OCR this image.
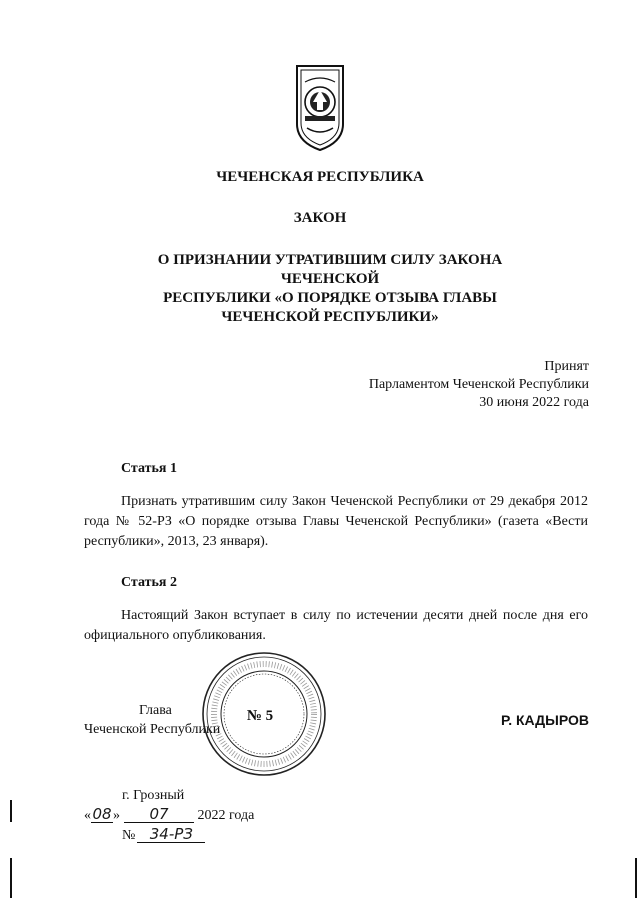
ЧЕЧЕНСКАЯ РЕСПУБЛИКА
ЗАКОН
О ПРИЗНАНИИ УТРАТИВШИМ СИЛУ ЗАКОНА ЧЕЧЕНСКОЙ
РЕСПУБЛИКИ «О ПОРЯДКЕ ОТЗЫВА ГЛАВЫ
ЧЕЧЕНСКОЙ РЕСПУБЛИКИ»
Принят
Парламентом Чеченской Республики
30 июня 2022 года
Статья 1

Признать утратившим силу Закон Чеченской Республики от 29 декабря 2012 года № 52-РЗ «О порядке отзыва Главы Чеченской Республики» (газета «Вести республики», 2013, 23 января).

Статья 2

Настоящий Закон вступает в силу по истечении десяти дней после дня его официального опубликования.

Глава
Чеченской Республики
№ 5	Р. КАДЫРОВ
г. Грозный
«08» 07 2022 года
№ 34-РЗ
